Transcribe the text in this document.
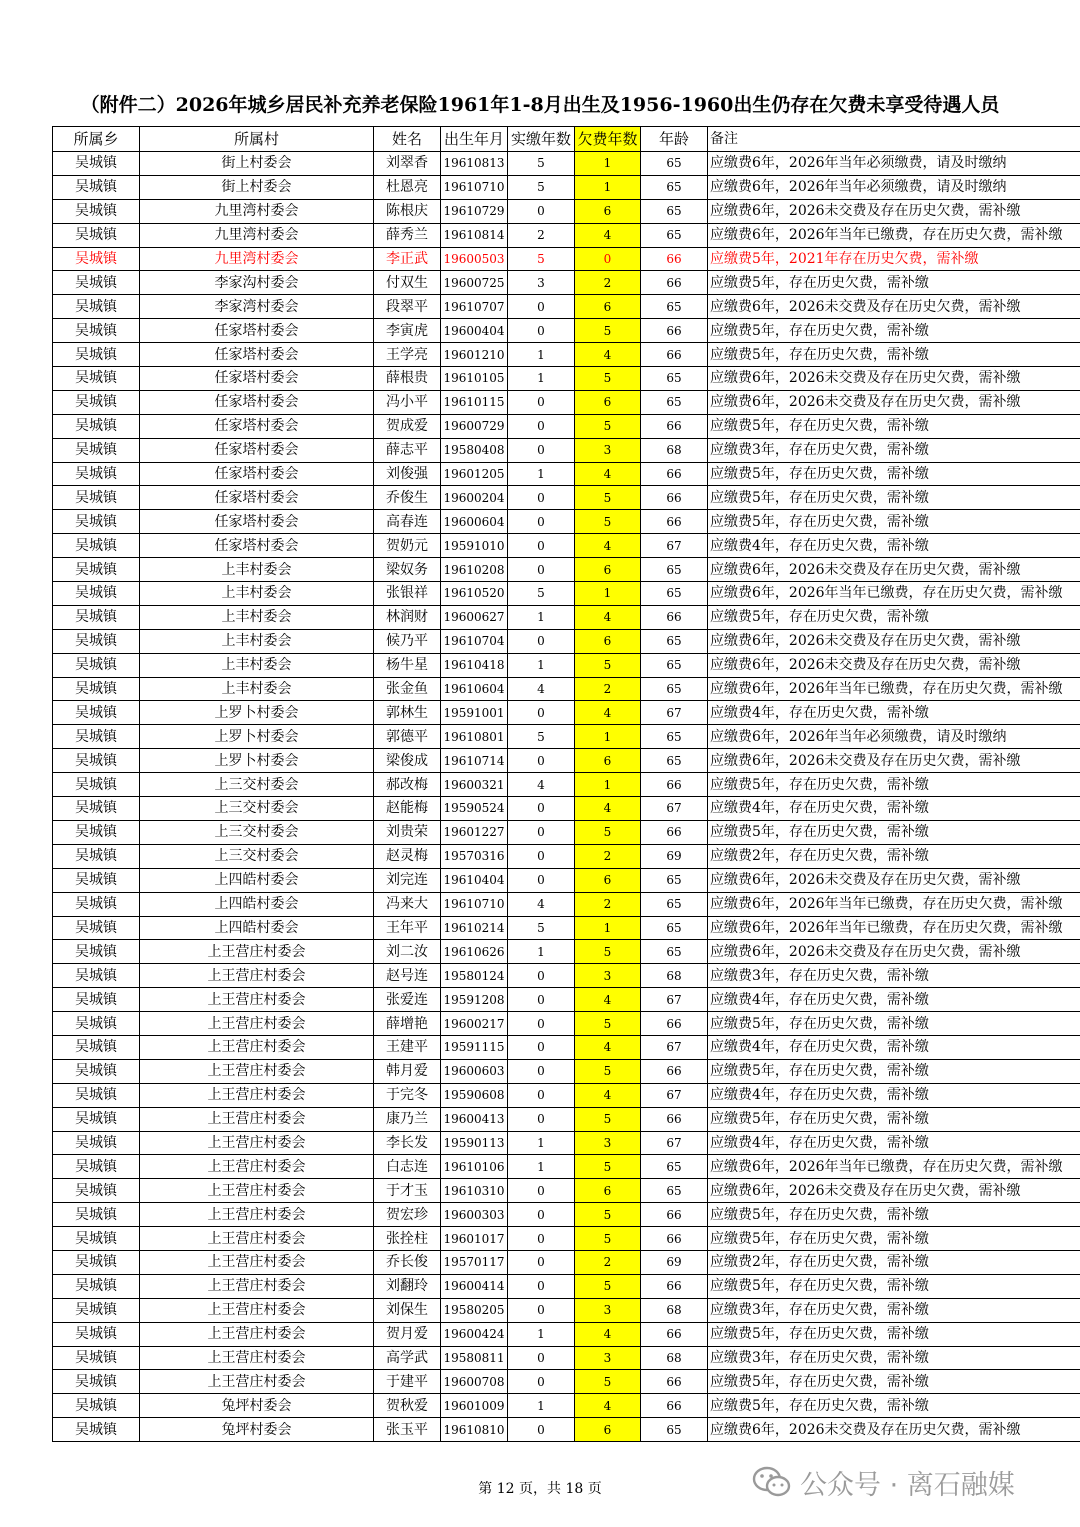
（附件二）2026年城乡居民补充养老保险1961年1-8月出生及1956-1960出生仍存在欠费未享受待遇人员
所属乡	所属村	姓名	出生年月	实缴年数	欠费年数	年龄	备注
吴城镇	街上村委会	刘翠香	19610813	5	1	65	应缴费6年，2026年当年必须缴费，请及时缴纳
吴城镇	街上村委会	杜恩亮	19610710	5	1	65	应缴费6年，2026年当年必须缴费，请及时缴纳
吴城镇	九里湾村委会	陈根庆	19610729	0	6	65	应缴费6年，2026未交费及存在历史欠费，需补缴
吴城镇	九里湾村委会	薛秀兰	19610814	2	4	65	应缴费6年，2026年当年已缴费，存在历史欠费，需补缴
吴城镇	九里湾村委会	李正武	19600503	5	0	66	应缴费5年，2021年存在历史欠费，需补缴
吴城镇	李家沟村委会	付双生	19600725	3	2	66	应缴费5年，存在历史欠费，需补缴
吴城镇	李家湾村委会	段翠平	19610707	0	6	65	应缴费6年，2026未交费及存在历史欠费，需补缴
吴城镇	任家塔村委会	李寅虎	19600404	0	5	66	应缴费5年，存在历史欠费，需补缴
吴城镇	任家塔村委会	王学亮	19601210	1	4	66	应缴费5年，存在历史欠费，需补缴
吴城镇	任家塔村委会	薛根贵	19610105	1	5	65	应缴费6年，2026未交费及存在历史欠费，需补缴
吴城镇	任家塔村委会	冯小平	19610115	0	6	65	应缴费6年，2026未交费及存在历史欠费，需补缴
吴城镇	任家塔村委会	贺成爱	19600729	0	5	66	应缴费5年，存在历史欠费，需补缴
吴城镇	任家塔村委会	薛志平	19580408	0	3	68	应缴费3年，存在历史欠费，需补缴
吴城镇	任家塔村委会	刘俊强	19601205	1	4	66	应缴费5年，存在历史欠费，需补缴
吴城镇	任家塔村委会	乔俊生	19600204	0	5	66	应缴费5年，存在历史欠费，需补缴
吴城镇	任家塔村委会	高春连	19600604	0	5	66	应缴费5年，存在历史欠费，需补缴
吴城镇	任家塔村委会	贺奶元	19591010	0	4	67	应缴费4年，存在历史欠费，需补缴
吴城镇	上丰村委会	梁奴务	19610208	0	6	65	应缴费6年，2026未交费及存在历史欠费，需补缴
吴城镇	上丰村委会	张银祥	19610520	5	1	65	应缴费6年，2026年当年已缴费，存在历史欠费，需补缴
吴城镇	上丰村委会	林润财	19600627	1	4	66	应缴费5年，存在历史欠费，需补缴
吴城镇	上丰村委会	候乃平	19610704	0	6	65	应缴费6年，2026未交费及存在历史欠费，需补缴
吴城镇	上丰村委会	杨牛星	19610418	1	5	65	应缴费6年，2026未交费及存在历史欠费，需补缴
吴城镇	上丰村委会	张金鱼	19610604	4	2	65	应缴费6年，2026年当年已缴费，存在历史欠费，需补缴
吴城镇	上罗卜村委会	郭林生	19591001	0	4	67	应缴费4年，存在历史欠费，需补缴
吴城镇	上罗卜村委会	郭德平	19610801	5	1	65	应缴费6年，2026年当年必须缴费，请及时缴纳
吴城镇	上罗卜村委会	梁俊成	19610714	0	6	65	应缴费6年，2026未交费及存在历史欠费，需补缴
吴城镇	上三交村委会	郝改梅	19600321	4	1	66	应缴费5年，存在历史欠费，需补缴
吴城镇	上三交村委会	赵能梅	19590524	0	4	67	应缴费4年，存在历史欠费，需补缴
吴城镇	上三交村委会	刘贵荣	19601227	0	5	66	应缴费5年，存在历史欠费，需补缴
吴城镇	上三交村委会	赵灵梅	19570316	0	2	69	应缴费2年，存在历史欠费，需补缴
吴城镇	上四皓村委会	刘完连	19610404	0	6	65	应缴费6年，2026未交费及存在历史欠费，需补缴
吴城镇	上四皓村委会	冯来大	19610710	4	2	65	应缴费6年，2026年当年已缴费，存在历史欠费，需补缴
吴城镇	上四皓村委会	王年平	19610214	5	1	65	应缴费6年，2026年当年已缴费，存在历史欠费，需补缴
吴城镇	上王营庄村委会	刘二汝	19610626	1	5	65	应缴费6年，2026未交费及存在历史欠费，需补缴
吴城镇	上王营庄村委会	赵号连	19580124	0	3	68	应缴费3年，存在历史欠费，需补缴
吴城镇	上王营庄村委会	张爱连	19591208	0	4	67	应缴费4年，存在历史欠费，需补缴
吴城镇	上王营庄村委会	薛增艳	19600217	0	5	66	应缴费5年，存在历史欠费，需补缴
吴城镇	上王营庄村委会	王建平	19591115	0	4	67	应缴费4年，存在历史欠费，需补缴
吴城镇	上王营庄村委会	韩月爱	19600603	0	5	66	应缴费5年，存在历史欠费，需补缴
吴城镇	上王营庄村委会	于完冬	19590608	0	4	67	应缴费4年，存在历史欠费，需补缴
吴城镇	上王营庄村委会	康乃兰	19600413	0	5	66	应缴费5年，存在历史欠费，需补缴
吴城镇	上王营庄村委会	李长发	19590113	1	3	67	应缴费4年，存在历史欠费，需补缴
吴城镇	上王营庄村委会	白志连	19610106	1	5	65	应缴费6年，2026年当年已缴费，存在历史欠费，需补缴
吴城镇	上王营庄村委会	于才玉	19610310	0	6	65	应缴费6年，2026未交费及存在历史欠费，需补缴
吴城镇	上王营庄村委会	贺宏珍	19600303	0	5	66	应缴费5年，存在历史欠费，需补缴
吴城镇	上王营庄村委会	张拴柱	19601017	0	5	66	应缴费5年，存在历史欠费，需补缴
吴城镇	上王营庄村委会	乔长俊	19570117	0	2	69	应缴费2年，存在历史欠费，需补缴
吴城镇	上王营庄村委会	刘翻玲	19600414	0	5	66	应缴费5年，存在历史欠费，需补缴
吴城镇	上王营庄村委会	刘保生	19580205	0	3	68	应缴费3年，存在历史欠费，需补缴
吴城镇	上王营庄村委会	贺月爱	19600424	1	4	66	应缴费5年，存在历史欠费，需补缴
吴城镇	上王营庄村委会	高学武	19580811	0	3	68	应缴费3年，存在历史欠费，需补缴
吴城镇	上王营庄村委会	于建平	19600708	0	5	66	应缴费5年，存在历史欠费，需补缴
吴城镇	兔坪村委会	贺秋爱	19601009	1	4	66	应缴费5年，存在历史欠费，需补缴
吴城镇	兔坪村委会	张玉平	19610810	0	6	65	应缴费6年，2026未交费及存在历史欠费，需补缴
第 12 页，共 18 页	公众号 · 离石融媒
